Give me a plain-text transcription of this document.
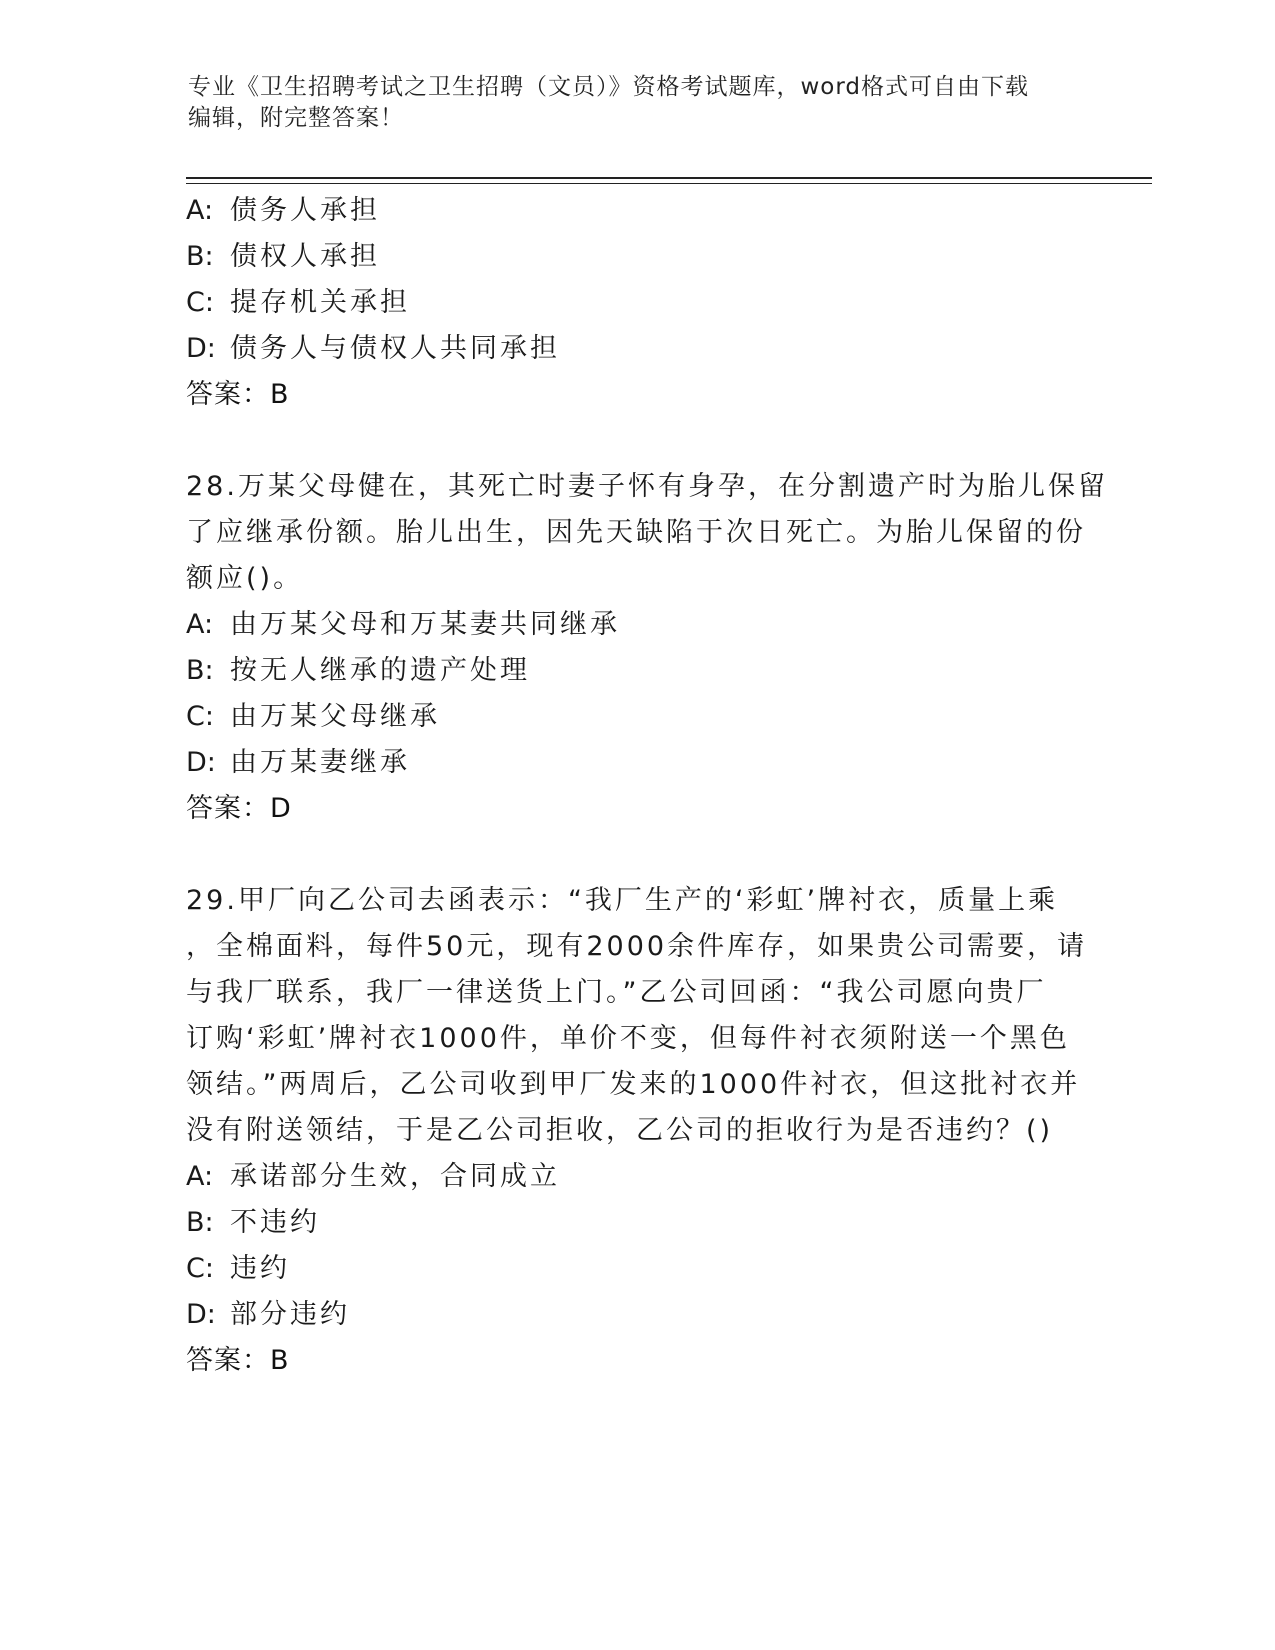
专业《卫生招聘考试之卫生招聘（文员）》资格考试题库，word格式可自由下载
编辑，附完整答案！
A: 债务人承担
B: 债权人承担
C: 提存机关承担
D: 债务人与债权人共同承担
答案：B
28.万某父母健在，其死亡时妻子怀有身孕，在分割遗产时为胎儿保留
了应继承份额。胎儿出生，因先天缺陷于次日死亡。为胎儿保留的份
额应()。
A: 由万某父母和万某妻共同继承
B: 按无人继承的遗产处理
C: 由万某父母继承
D: 由万某妻继承
答案：D
29.甲厂向乙公司去函表示：“我厂生产的‘彩虹’牌衬衣，质量上乘
，全棉面料，每件50元，现有2000余件库存，如果贵公司需要，请
与我厂联系，我厂一律送货上门。”乙公司回函：“我公司愿向贵厂
订购‘彩虹’牌衬衣1000件，单价不变，但每件衬衣须附送一个黑色
领结。”两周后，乙公司收到甲厂发来的1000件衬衣，但这批衬衣并
没有附送领结，于是乙公司拒收，乙公司的拒收行为是否违约？()
A: 承诺部分生效，合同成立
B: 不违约
C: 违约
D: 部分违约
答案：B
